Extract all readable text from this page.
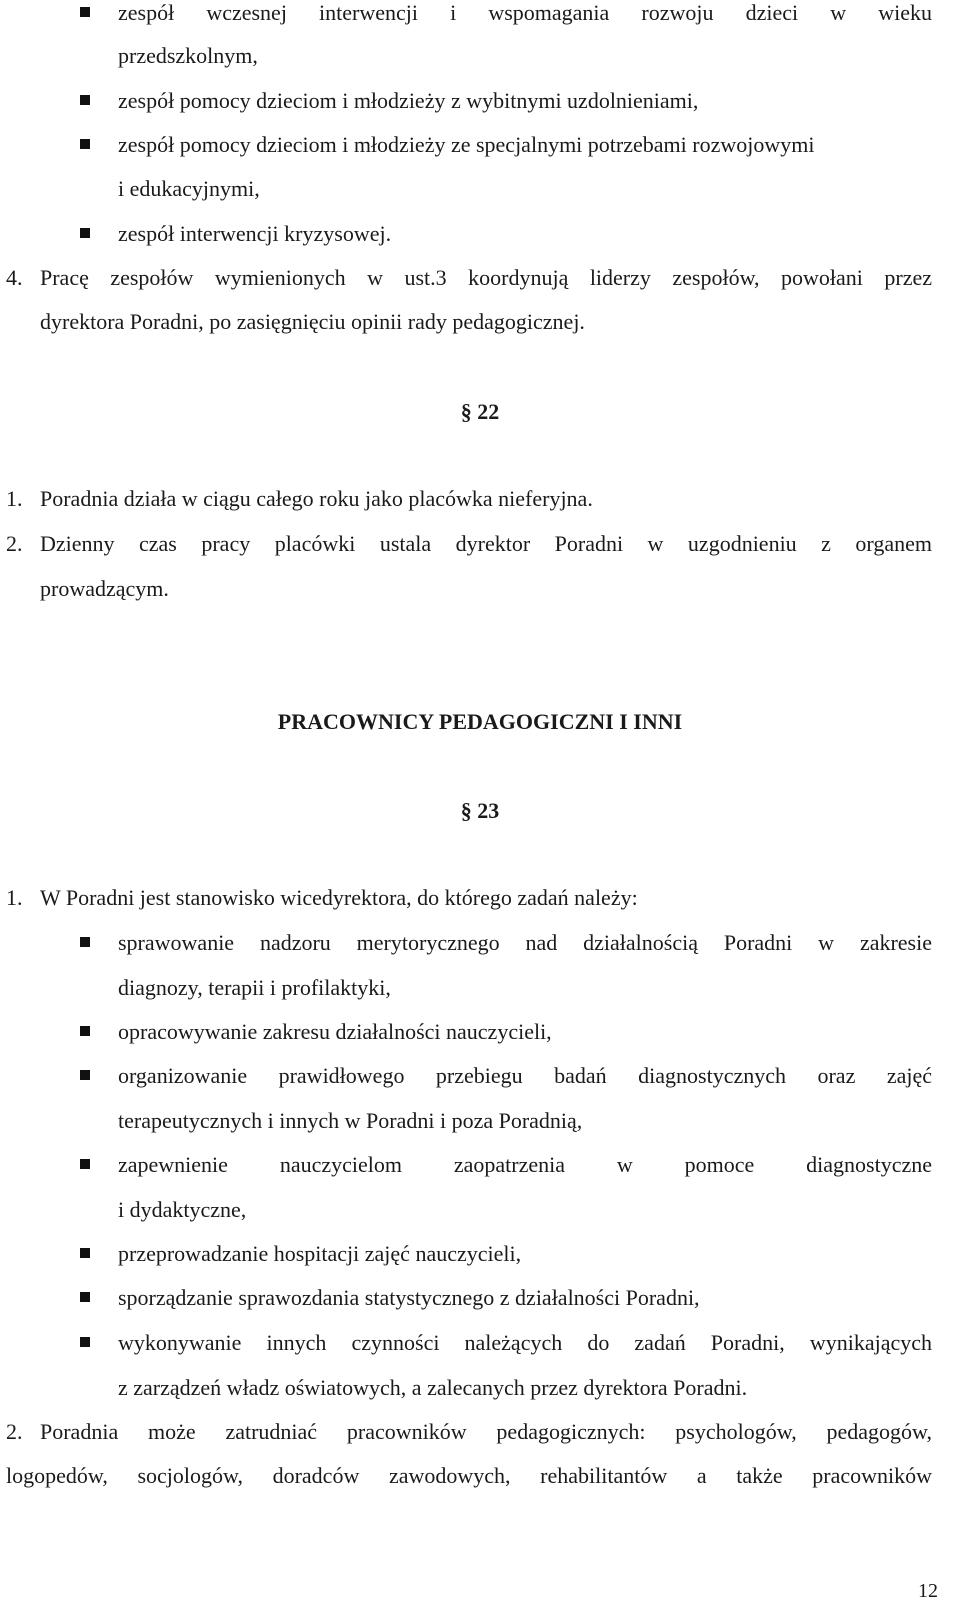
zespół wczesnej interwencji i wspomagania rozwoju dzieci w wieku
przedszkolnym,
zespół pomocy dzieciom i młodzieży z wybitnymi uzdolnieniami,
zespół pomocy dzieciom i młodzieży ze specjalnymi potrzebami rozwojowymi
i edukacyjnymi,
zespół interwencji kryzysowej.
4. Pracę zespołów wymienionych w ust.3 koordynują liderzy zespołów, powołani przez
dyrektora Poradni, po zasięgnięciu opinii rady pedagogicznej.
§ 22
1. Poradnia działa w ciągu całego roku jako placówka nieferyjna.
2. Dzienny czas pracy placówki ustala dyrektor Poradni w uzgodnieniu z organem
prowadzącym.
PRACOWNICY PEDAGOGICZNI I INNI
§ 23
1. W Poradni jest stanowisko wicedyrektora, do którego zadań należy:
sprawowanie nadzoru merytorycznego nad działalnością Poradni w zakresie
diagnozy, terapii i profilaktyki,
opracowywanie zakresu działalności nauczycieli,
organizowanie prawidłowego przebiegu badań diagnostycznych oraz zajęć
terapeutycznych i innych w Poradni i poza Poradnią,
zapewnienie nauczycielom zaopatrzenia w pomoce diagnostyczne
i dydaktyczne,
przeprowadzanie hospitacji zajęć nauczycieli,
sporządzanie sprawozdania statystycznego z działalności Poradni,
wykonywanie innych czynności należących do zadań Poradni, wynikających
z zarządzeń władz oświatowych, a zalecanych przez dyrektora Poradni.
2. Poradnia może zatrudniać pracowników pedagogicznych: psychologów, pedagogów,
logopedów, socjologów, doradców zawodowych, rehabilitantów a także pracowników
12
